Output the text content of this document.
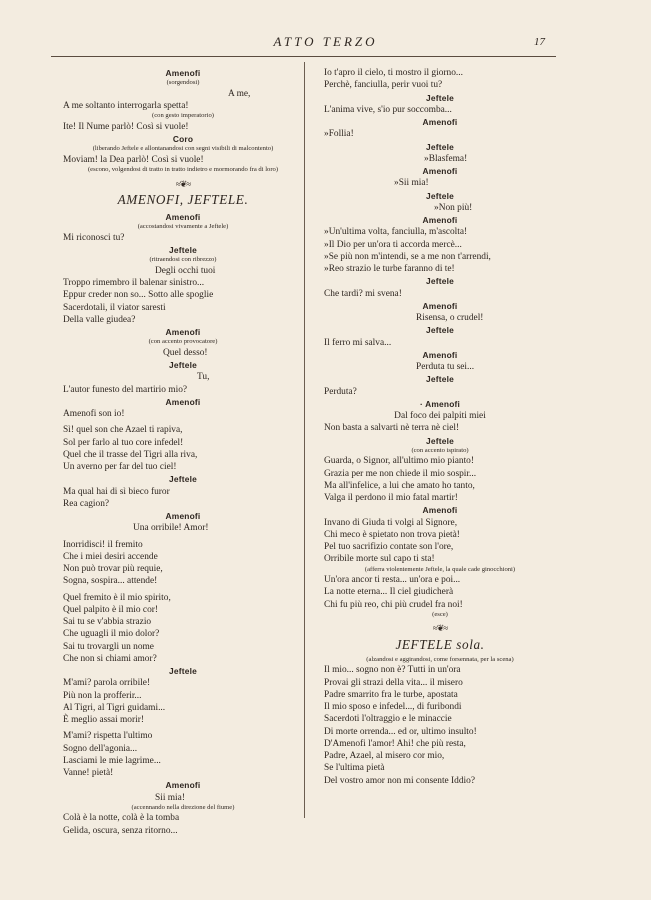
ATTO TERZO	17
Amenofi
(sorgendosi)
A me,
A me soltanto interrogarla spetta!
(con gesto imperatorio)
Ite! Il Nume parlò! Così si vuole!
Coro
(liberando Jeftele e allontanandosi con segni visibili di malcontento)
Moviam! la Dea parlò! Così si vuole!
(escono, volgendosi di tratto in tratto indietro e mormorando fra di loro)
≈❦≈
AMENOFI, JEFTELE.
Amenofi
(accostandosi vivamente a Jeftele)
Mi riconosci tu?
Jeftele
(ritraendosi con ribrezzo)
Degli occhi tuoi
Troppo rimembro il balenar sinistro...
Eppur creder non so... Sotto alle spoglie
Sacerdotali, il viator saresti
Della valle giudea?
Amenofi
(con accento provocatore)
Quel desso!
Jeftele
Tu,
L'autor funesto del martirio mio?
Amenofi
Amenofi son io!
Sì! quel son che Azael ti rapiva,
Sol per farlo al tuo core infedel!
Quel che il trasse del Tigri alla riva,
Un averno per far del tuo ciel!
Jeftele
Ma qual hai di sì bieco furor
Rea cagion?
Amenofi
Una orribile! Amor!
Inorridisci! il fremito
Che i miei desiri accende
Non può trovar più requie,
Sogna, sospira... attende!
Quel fremito è il mio spirito,
Quel palpito è il mio cor!
Sai tu se v'abbia strazio
Che uguagli il mio dolor?
Sai tu trovargli un nome
Che non si chiami amor?
Jeftele
M'ami? parola orribile!
Più non la profferir...
Al Tigri, al Tigri guidami...
È meglio assai morir!
M'ami? rispetta l'ultimo
Sogno dell'agonia...
Lasciami le mie lagrime...
Vanne! pietà!
Amenofi
Sii mia!
(accennando nella direzione del fiume)
Colà è la notte, colà è la tomba
Gelida, oscura, senza ritorno...
Io t'apro il cielo, ti mostro il giorno...
Perchè, fanciulla, perir vuoi tu?
Jeftele
L'anima vive, s'io pur soccomba...
Amenofi
»Follia!
Jeftele
»Blasfema!
Amenofi
»Sii mia!
Jeftele
»Non più!
Amenofi
»Un'ultima volta, fanciulla, m'ascolta!
»Il Dio per un'ora ti accorda mercè...
»Se più non m'intendi, se a me non t'arrendi,
»Reo strazio le turbe faranno di te!
Jeftele
Che tardi? mi svena!
Amenofi
Risensa, o crudel!
Jeftele
Il ferro mi salva...
Amenofi
Perduta tu sei...
Jeftele
Perduta?
· Amenofi
Dal foco dei palpiti miei
Non basta a salvarti nè terra nè ciel!
Jeftele
(con accento ispirato)
Guarda, o Signor, all'ultimo mio pianto!
Grazia per me non chiede il mio sospir...
Ma all'infelice, a lui che amato ho tanto,
Valga il perdono il mio fatal martir!
Amenofi
Invano di Giuda ti volgi al Signore,
Chi meco è spietato non trova pietà!
Pel tuo sacrifizio contate son l'ore,
Orribile morte sul capo ti sta!
(afferra violentemente Jeftele, la quale cade ginocchioni)
Un'ora ancor ti resta... un'ora e poi...
La notte eterna... Il ciel giudicherà
Chi fu più reo, chi più crudel fra noi!
(esce)
≈❦≈
JEFTELE sola.
(alzandosi e aggirandosi, come forsennata, per la scena)
Il mio... sogno non è? Tutti in un'ora
Provai gli strazi della vita... il misero
Padre smarrito fra le turbe, apostata
Il mio sposo e infedel..., di furibondi
Sacerdoti l'oltraggio e le minaccie
Di morte orrenda... ed or, ultimo insulto!
D'Amenofi l'amor! Ahi! che più resta,
Padre, Azael, al misero cor mio,
Se l'ultima pietà
Del vostro amor non mi consente Iddio?
